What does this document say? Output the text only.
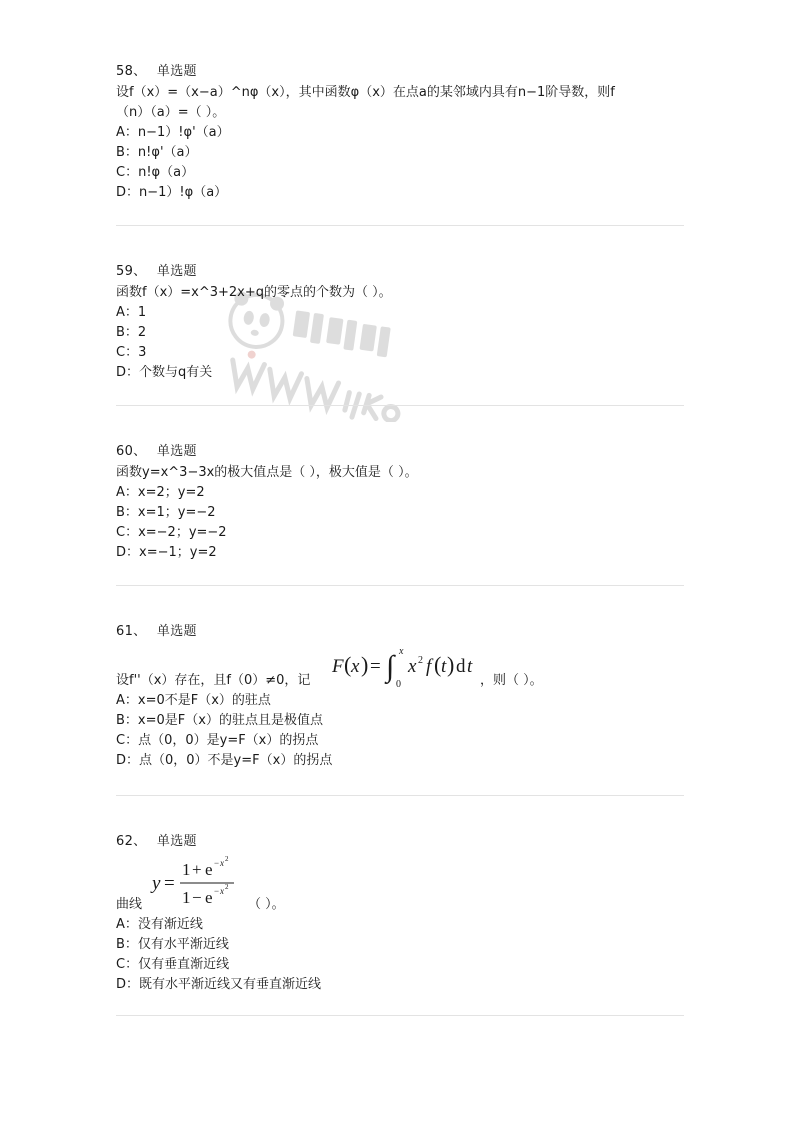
58、 单选题
设f（x）=（x−a）^nφ（x），其中函数φ（x）在点a的某邻域内具有n−1阶导数，则f
（n）（a）=（ ）。
A：n−1）!φ'（a）
B：n!φ'（a）
C：n!φ（a）
D：n−1）!φ（a）
59、 单选题
函数f（x）=x^3+2x+q的零点的个数为（ ）。
A：1
B：2
C：3
D：个数与q有关
60、 单选题
函数y=x^3−3x的极大值点是（ ），极大值是（ ）。
A：x=2；y=2
B：x=1；y=−2
C：x=−2；y=−2
D：x=−1；y=2
61、 单选题
设f''（x）存在，且f（0）≠0，记
F ( x ) = ∫ x
0
x 2 f ( t ) d t
，则（ ）。
A：x=0不是F（x）的驻点
B：x=0是F（x）的驻点且是极值点
C：点（0，0）是y=F（x）的拐点
D：点（0，0）不是y=F（x）的拐点
62、 单选题
曲线
y =
1 + e − x 2
1 − e − x 2
（ ）。
A：没有渐近线
B：仅有水平渐近线
C：仅有垂直渐近线
D：既有水平渐近线又有垂直渐近线
